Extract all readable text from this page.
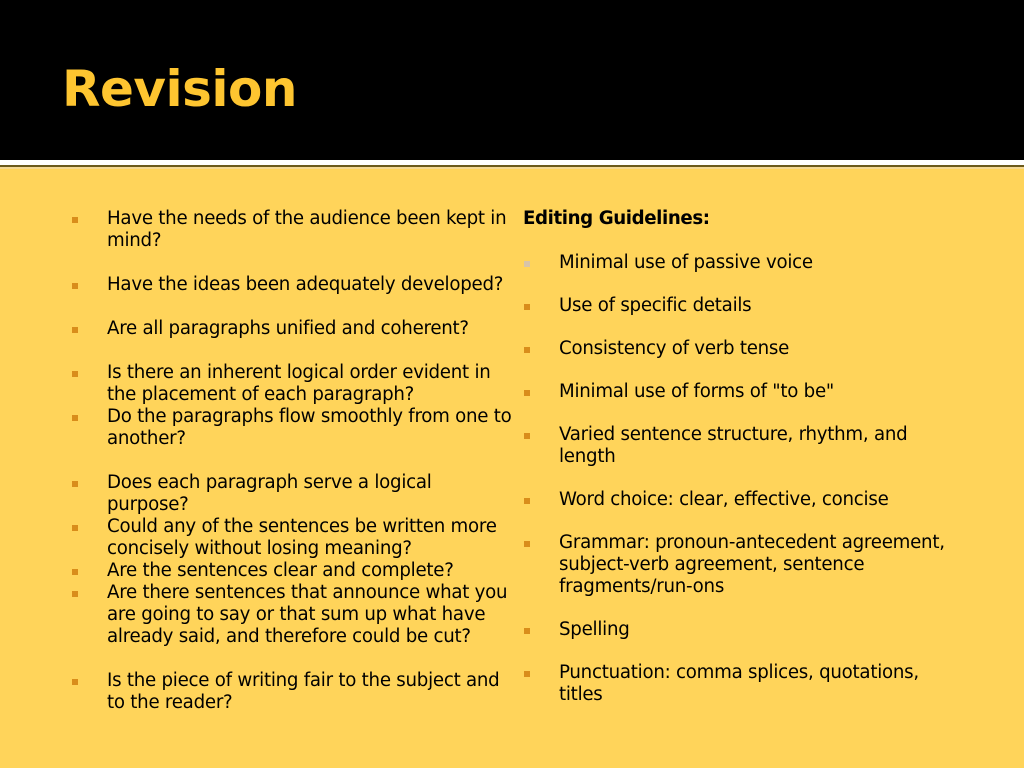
Revision
Have the needs of the audience been kept in mind?
Have the ideas been adequately developed?
Are all paragraphs unified and coherent?
Is there an inherent logical order evident in the placement of each paragraph?
Do the paragraphs flow smoothly from one to another?
Does each paragraph serve a logical purpose?
Could any of the sentences be written more concisely without losing meaning?
Are the sentences clear and complete?
Are there sentences that announce what you are going to say or that sum up what have already said, and therefore could be cut?
Is the piece of writing fair to the subject and to the reader?
Editing Guidelines:
Minimal use of passive voice
Use of specific details
Consistency of verb tense
Minimal use of forms of "to be"
Varied sentence structure, rhythm, and length
Word choice: clear, effective, concise
Grammar: pronoun-antecedent agreement, subject-verb agreement, sentence fragments/run-ons
Spelling
Punctuation: comma splices, quotations, titles
